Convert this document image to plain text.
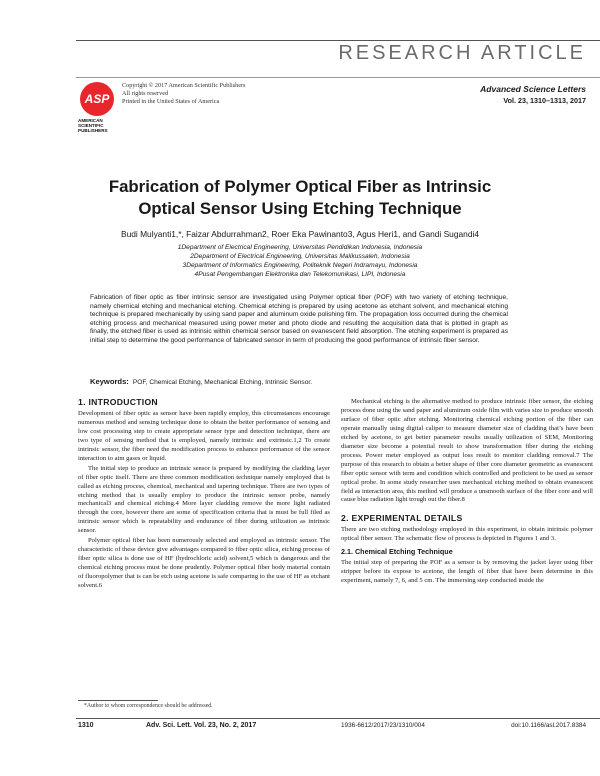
RESEARCH ARTICLE
ASP
AMERICAN SCIENTIFIC PUBLISHERS
Copyright © 2017 American Scientific Publishers
All rights reserved
Printed in the United States of America
Advanced Science Letters
Vol. 23, 1310–1313, 2017
Fabrication of Polymer Optical Fiber as Intrinsic
Optical Sensor Using Etching Technique
Budi Mulyanti1,*, Faizar Abdurrahman2, Roer Eka Pawinanto3, Agus Heri1, and Gandi Sugandi4
1Department of Electrical Engineering, Universitas Pendidikan Indonesia, Indonesia
2Department of Electrical Engineering, Universitas Malikussaleh, Indonesia
3Department of Informatics Engineering, Politeknik Negeri Indramayu, Indonesia
4Pusat Pengembangan Elektronika dan Telekomunikasi, LIPI, Indonesia
Fabrication of fiber optic as fiber intrinsic sensor are investigated using Polymer optical fiber (POF) with two variety of etching technique, namely chemical etching and mechanical etching. Chemical etching is prepared by using acetone as etchant solvent, and mechanical etching technique is prepared mechanically by using sand paper and aluminum oxide polishing film. The propagation loss occurred during the chemical etching process and mechanical measured using power meter and photo diode and resulting the acquisition data that is plotted in graph as finally, the etched fiber is used as intrinsic within chemical sensor based on evanescent field absorption. The etching experiment is prepared as initial step to determine the good performance of fabricated sensor in term of producing the good performance of intrinsic fiber sensor.
Keywords: POF, Chemical Etching, Mechanical Etching, Intrinsic Sensor.
1. INTRODUCTION

Development of fiber optic as sensor have been rapidly employ, this circumstances encourage numerous method and sensing technique done to obtain the better performance of sensing and low cost processing step to create appropriate sensor type and detection technique, there are two type of sensing method that is employed, namely intrinsic and extrinsic.1,2 To create intrinsic sensor, the fiber need the modification process to enhance performance of the sensor interaction to aim gases or liquid.

The initial step to produce an intrinsic sensor is prepared by modifying the cladding layer of fiber optic itself. There are three common modification technique namely employed that is called as etching process, chemical, mechanical and tapering technique. There are two types of etching method that is usually employ to produce the intrinsic sensor probe, namely mechanical3 and chemical etching.4 More layer cladding remove the more light radiated through the core, however there are some of specification criteria that is must be full filed as intrinsic sensor which is repeatability and endurance of fiber during utilization as intrinsic sensor.

Polymer optical fiber has been numerously selected and employed as intrinsic sensor. The characteristic of these device give advantages compared to fiber optic silica, etching process of fiber optic silica is done use of HF (hydrochloric acid) solvent,5 which is dangerous and the chemical etching process must be done prudently. Polymer optical fiber body material contain of fluoropolymer that is can be etch using acetone is safe comparing to the use of HF as etchant solvent.6

Mechanical etching is the alternative method to produce intrinsic fiber sensor, the etching process done using the sand paper and aluminum oxide film with varies size to produce smooth surface of fiber optic after etching. Monitoring chemical etching portion of the fiber can operate manually using digital caliper to measure diameter size of cladding that’s have been etched by acetone, to get better parameter results usually utilization of SEM, Monitoring diameter size become a potential result to show transformation fiber during the etching process. Power meter employed as output loss result to monitor cladding removal.7 The purpose of this research to obtain a better shape of fiber core diameter geometric as evanescent fiber optic sensor with term and condition which controlled and proficient to be used as sensor optical probe. In some study researcher uses mechanical etching method to obtain evanescent field as interaction area, this method will produce a unsmooth surface of the fiber core and will cause blue radiation light trough out the fiber.8

2. EXPERIMENTAL DETAILS

There are two etching methodology employed in this experiment, to obtain intrinsic polymer optical fiber sensor. The schematic flow of process is depicted in Figures 1 and 3.

2.1. Chemical Etching Technique

The initial step of preparing the POF as a sensor is by removing the jacket layer using fiber stripper before its expose to acetone, the length of fiber that have been determine in this experiment, namely 7, 6, and 5 cm. The immersing step conducted inside the

*Author to whom correspondence should be addressed.
1310	Adv. Sci. Lett. Vol. 23, No. 2, 2017	1936-6612/2017/23/1310/004	doi:10.1166/asl.2017.8384
